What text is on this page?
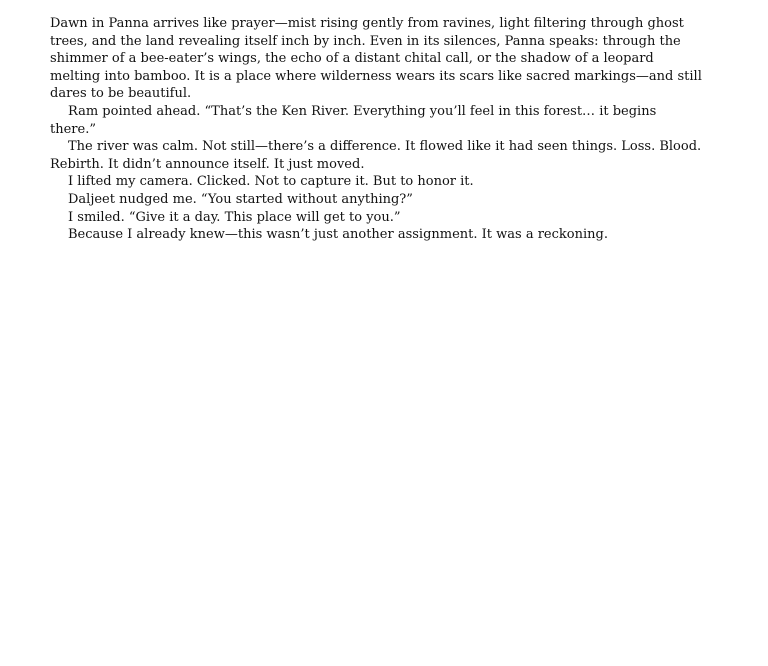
Dawn in Panna arrives like prayer—mist rising gently from ravines, light filtering through ghost trees, and the land revealing itself inch by inch. Even in its silences, Panna speaks: through the shimmer of a bee-eater’s wings, the echo of a distant chital call, or the shadow of a leopard melting into bamboo. It is a place where wilderness wears its scars like sacred markings—and still dares to be beautiful.

Ram pointed ahead. “That’s the Ken River. Everything you’ll feel in this forest… it begins there.”

The river was calm. Not still—there’s a difference. It flowed like it had seen things. Loss. Blood. Rebirth. It didn’t announce itself. It just moved.

I lifted my camera. Clicked. Not to capture it. But to honor it.

Daljeet nudged me. “You started without anything?”

I smiled. “Give it a day. This place will get to you.”

Because I already knew—this wasn’t just another assignment. It was a reckoning.
